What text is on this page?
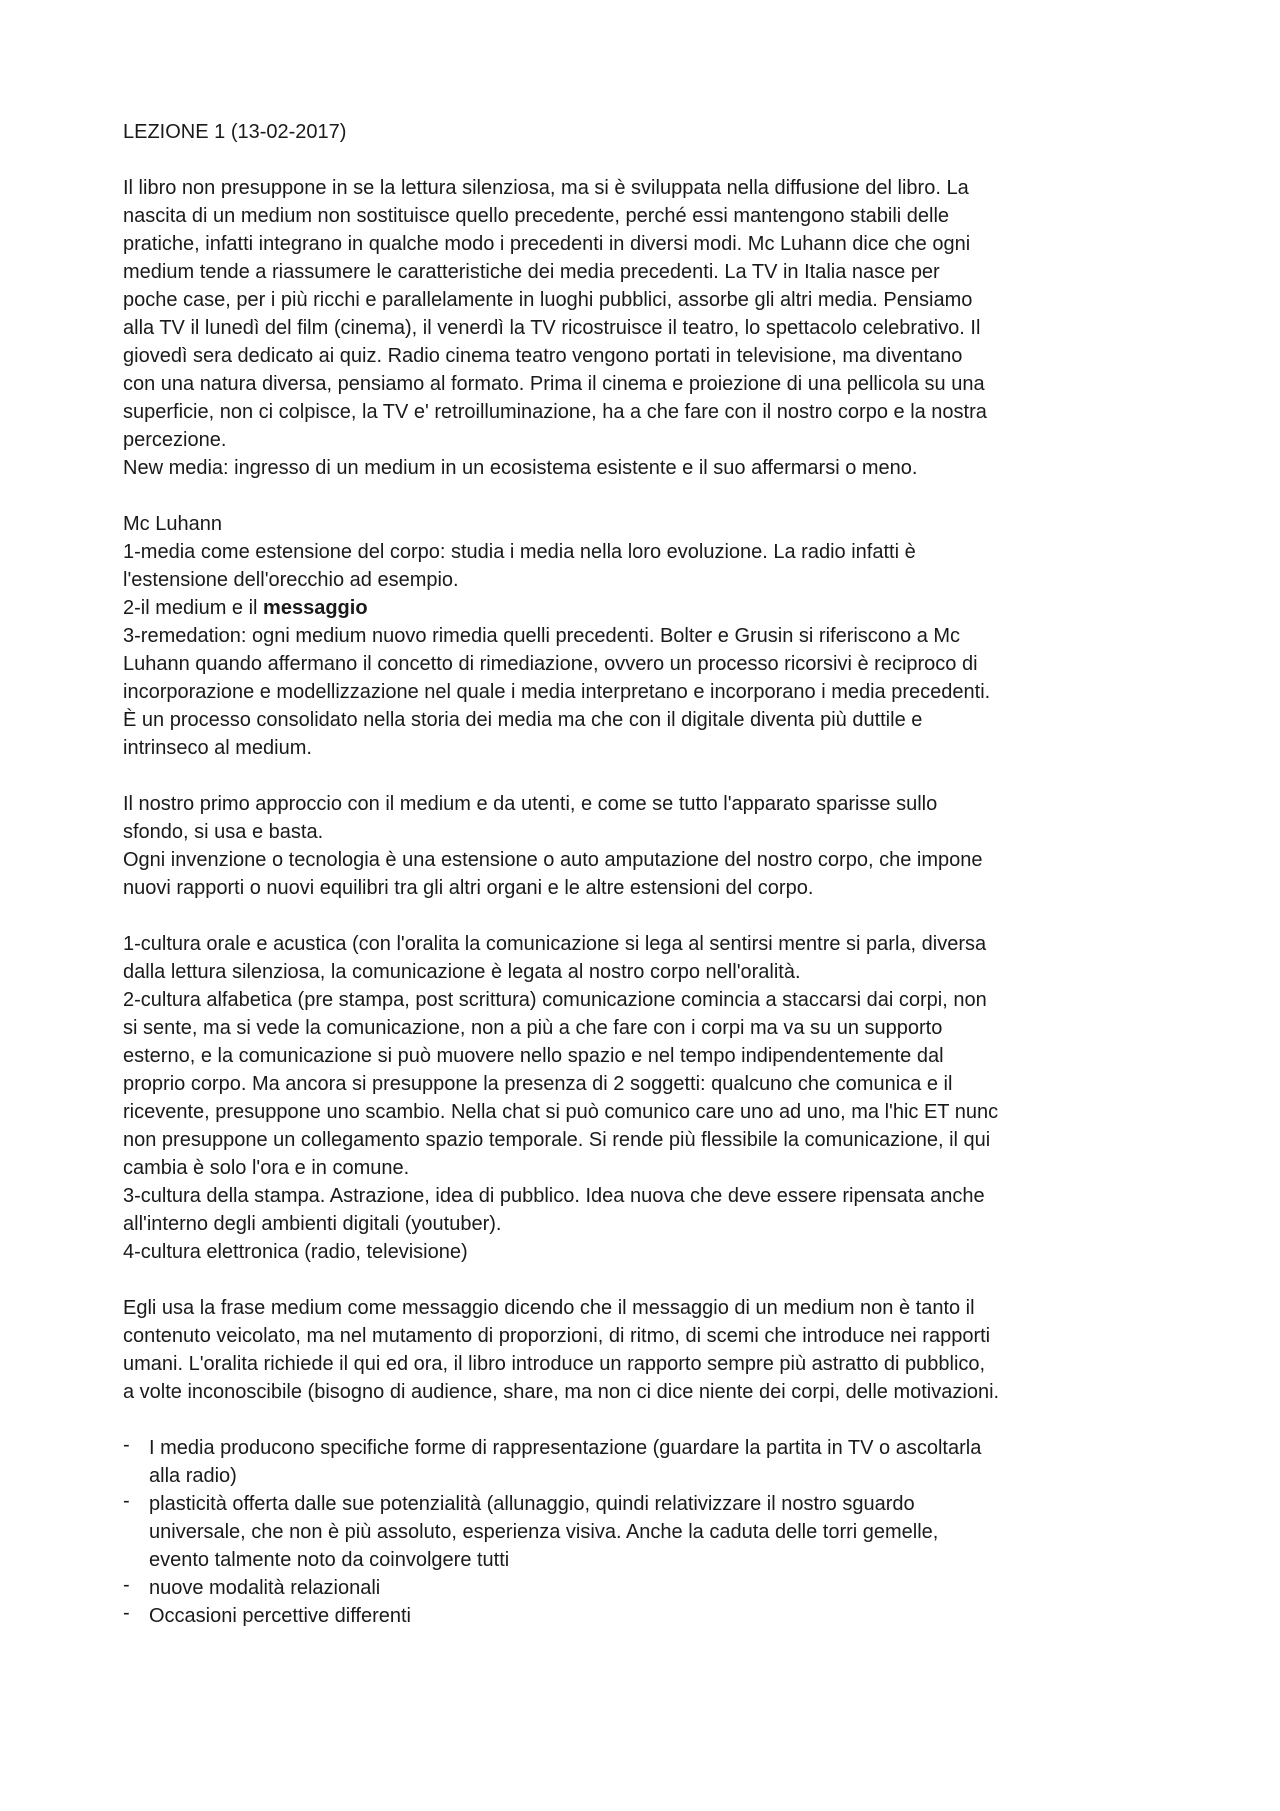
LEZIONE 1 (13-02-2017)
Il libro non presuppone in se la lettura silenziosa, ma si è sviluppata nella diffusione del libro. La
nascita di un medium non sostituisce quello precedente, perché essi mantengono stabili delle
pratiche, infatti integrano in qualche modo i precedenti in diversi modi. Mc Luhann dice che ogni
medium tende a riassumere le caratteristiche dei media precedenti. La TV in Italia nasce per
poche case, per i più ricchi e parallelamente in luoghi pubblici, assorbe gli altri media. Pensiamo
alla TV il lunedì del film (cinema), il venerdì la TV ricostruisce il teatro, lo spettacolo celebrativo. Il
giovedì sera dedicato ai quiz. Radio cinema teatro vengono portati in televisione, ma diventano
con una natura diversa, pensiamo al formato. Prima il cinema e proiezione di una pellicola su una
superficie, non ci colpisce, la TV e' retroilluminazione, ha a che fare con il nostro corpo e la nostra
percezione.
New media: ingresso di un medium in un ecosistema esistente e il suo affermarsi o meno.
Mc Luhann
1-media come estensione del corpo: studia i media nella loro evoluzione. La radio infatti è
l'estensione dell'orecchio ad esempio.
2-il medium e il messaggio
3-remedation: ogni medium nuovo rimedia quelli precedenti. Bolter e Grusin si riferiscono a Mc
Luhann quando affermano il concetto di rimediazione, ovvero un processo ricorsivi è reciproco di
incorporazione e modellizzazione nel quale i media interpretano e incorporano i media precedenti.
È un processo consolidato nella storia dei media ma che con il digitale diventa più duttile e
intrinseco al medium.
Il nostro primo approccio con il medium e da utenti, e come se tutto l'apparato sparisse sullo
sfondo, si usa e basta.
Ogni invenzione o tecnologia è una estensione o auto amputazione del nostro corpo, che impone
nuovi rapporti o nuovi equilibri tra gli altri organi e le altre estensioni del corpo.
1-cultura orale e acustica (con l'oralita la comunicazione si lega al sentirsi mentre si parla, diversa
dalla lettura silenziosa, la comunicazione è legata al nostro corpo nell'oralità.
2-cultura alfabetica (pre stampa, post scrittura) comunicazione comincia a staccarsi dai corpi, non
si sente, ma si vede la comunicazione, non a più a che fare con i corpi ma va su un supporto
esterno, e la comunicazione si può muovere nello spazio e nel tempo indipendentemente dal
proprio corpo. Ma ancora si presuppone la presenza di 2 soggetti: qualcuno che comunica e il
ricevente, presuppone uno scambio. Nella chat si può comunico care uno ad uno, ma l'hic ET nunc
non presuppone un collegamento spazio temporale. Si rende più flessibile la comunicazione, il qui
cambia è solo l'ora e in comune.
3-cultura della stampa. Astrazione, idea di pubblico. Idea nuova che deve essere ripensata anche
all'interno degli ambienti digitali (youtuber).
4-cultura elettronica (radio, televisione)
Egli usa la frase medium come messaggio dicendo che il messaggio di un medium non è tanto il
contenuto veicolato, ma nel mutamento di proporzioni, di ritmo, di scemi che introduce nei rapporti
umani. L'oralita richiede il qui ed ora, il libro introduce un rapporto sempre più astratto di pubblico,
a volte inconoscibile (bisogno di audience, share, ma non ci dice niente dei corpi, delle motivazioni.
- I media producono specifiche forme di rappresentazione (guardare la partita in TV o ascoltarla
alla radio)
- plasticità offerta dalle sue potenzialità (allunaggio, quindi relativizzare il nostro sguardo
universale, che non è più assoluto, esperienza visiva. Anche la caduta delle torri gemelle,
evento talmente noto da coinvolgere tutti
- nuove modalità relazionali
- Occasioni percettive differenti
